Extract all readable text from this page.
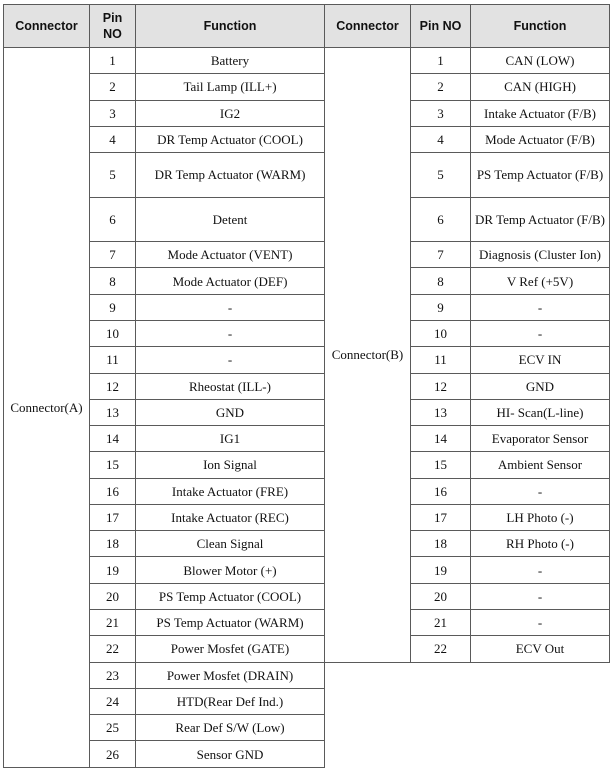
Connector	Pin NO	Function	Connector	Pin NO	Function
Connector(A)	1	Battery	Connector(B)	1	CAN (LOW)
	2	Tail Lamp (ILL+)		2	CAN (HIGH)
	3	IG2		3	Intake Actuator (F/B)
	4	DR Temp Actuator (COOL)		4	Mode Actuator (F/B)
	5	DR Temp Actuator (WARM)		5	PS Temp Actuator (F/B)
	6	Detent		6	DR Temp Actuator (F/B)
	7	Mode Actuator (VENT)		7	Diagnosis (Cluster Ion)
	8	Mode Actuator (DEF)		8	V Ref (+5V)
	9	-		9	-
	10	-		10	-
	11	-		11	ECV IN
	12	Rheostat (ILL-)		12	GND
	13	GND		13	HI- Scan(L-line)
	14	IG1		14	Evaporator Sensor
	15	Ion Signal		15	Ambient Sensor
	16	Intake Actuator (FRE)		16	-
	17	Intake Actuator (REC)		17	LH Photo (-)
	18	Clean Signal		18	RH Photo (-)
	19	Blower Motor (+)		19	-
	20	PS Temp Actuator (COOL)		20	-
	21	PS Temp Actuator (WARM)		21	-
	22	Power Mosfet (GATE)		22	ECV Out
	23	Power Mosfet (DRAIN)			
	24	HTD(Rear Def Ind.)			
	25	Rear Def S/W (Low)			
	26	Sensor GND			
